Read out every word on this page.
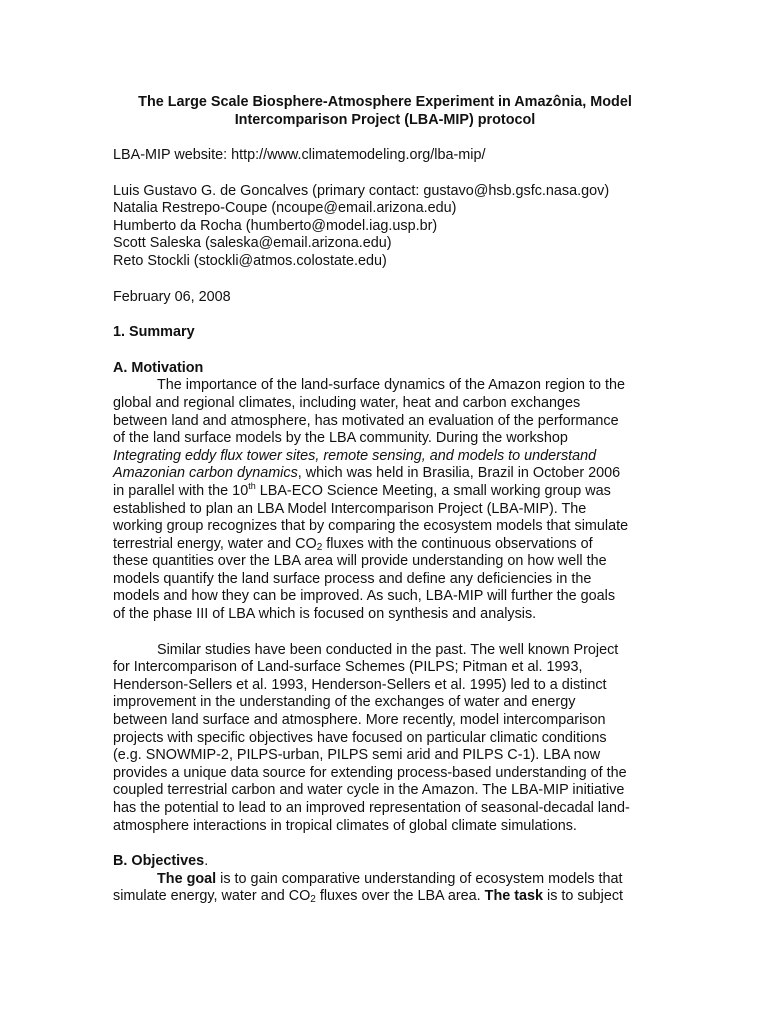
The Large Scale Biosphere-Atmosphere Experiment in Amazônia, Model
Intercomparison Project (LBA-MIP) protocol
LBA-MIP website: http://www.climatemodeling.org/lba-mip/
Luis Gustavo G. de Goncalves (primary contact: gustavo@hsb.gsfc.nasa.gov)
Natalia Restrepo-Coupe (ncoupe@email.arizona.edu)
Humberto da Rocha (humberto@model.iag.usp.br)
Scott Saleska (saleska@email.arizona.edu)
Reto Stockli (stockli@atmos.colostate.edu)
February 06, 2008
1. Summary
A. Motivation
The importance of the land-surface dynamics of the Amazon region to the
global and regional climates, including water, heat and carbon exchanges
between land and atmosphere, has motivated an evaluation of the performance
of the land surface models by the LBA community. During the workshop
Integrating eddy flux tower sites, remote sensing, and models to understand
Amazonian carbon dynamics, which was held in Brasilia, Brazil in October 2006
in parallel with the 10th LBA-ECO Science Meeting, a small working group was
established to plan an LBA Model Intercomparison Project (LBA-MIP). The
working group recognizes that by comparing the ecosystem models that simulate
terrestrial energy, water and $CO_2$ fluxes with the continuous observations of
these quantities over the LBA area will provide understanding on how well the
models quantify the land surface process and define any deficiencies in the
models and how they can be improved. As such, LBA-MIP will further the goals
of the phase III of LBA which is focused on synthesis and analysis.
Similar studies have been conducted in the past. The well known Project
for Intercomparison of Land-surface Schemes (PILPS; Pitman et al. 1993,
Henderson-Sellers et al. 1993, Henderson-Sellers et al. 1995) led to a distinct
improvement in the understanding of the exchanges of water and energy
between land surface and atmosphere. More recently, model intercomparison
projects with specific objectives have focused on particular climatic conditions
(e.g. SNOWMIP-2, PILPS-urban, PILPS semi arid and PILPS C-1). LBA now
provides a unique data source for extending process-based understanding of the
coupled terrestrial carbon and water cycle in the Amazon. The LBA-MIP initiative
has the potential to lead to an improved representation of seasonal-decadal land-
atmosphere interactions in tropical climates of global climate simulations.
B. Objectives.
The goal is to gain comparative understanding of ecosystem models that
simulate energy, water and $CO_2$ fluxes over the LBA area. The task is to subject
